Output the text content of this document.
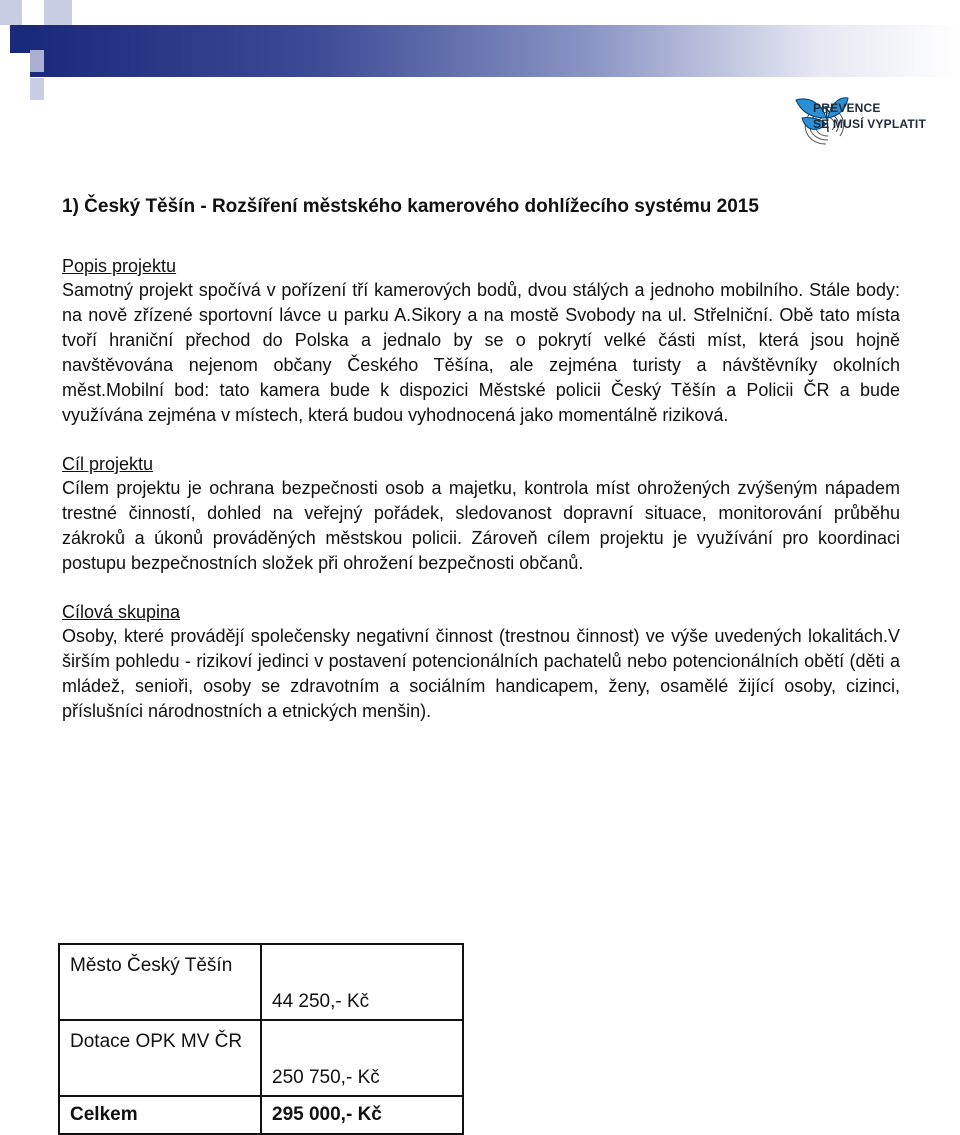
PREVENCE
SE MUSÍ VYPLATIT
1) Český Těšín - Rozšíření městského kamerového dohlížecího systému 2015
Popis projektu
Samotný projekt spočívá v pořízení tří kamerových bodů, dvou stálých a jednoho mobilního. Stále body: na nově zřízené sportovní lávce u parku A.Sikory a na mostě Svobody na ul. Střelniční. Obě tato místa tvoří hraniční přechod do Polska a jednalo by se o pokrytí velké části míst, která jsou hojně navštěvována nejenom občany Českého Těšína, ale zejména turisty a návštěvníky okolních měst.Mobilní bod: tato kamera bude k dispozici Městské policii Český Těšín a Policii ČR a bude využívána zejména v místech, která budou vyhodnocená jako momentálně riziková.
Cíl projektu
Cílem projektu je ochrana bezpečnosti osob a majetku, kontrola míst ohrožených zvýšeným nápadem trestné činností, dohled na veřejný pořádek, sledovanost dopravní situace, monitorování průběhu zákroků a úkonů prováděných městskou policii. Zároveň cílem projektu je využívání pro koordinaci postupu bezpečnostních složek při ohrožení bezpečnosti občanů.
Cílová skupina
Osoby, které provádějí společensky negativní činnost (trestnou činnost) ve výše uvedených lokalitách.V širším pohledu - rizikoví jedinci v postavení potencionálních pachatelů nebo potencionálních obětí (děti a mládež, senioři, osoby se zdravotním a sociálním handicapem, ženy, osamělé žijící osoby, cizinci, příslušníci národnostních a etnických menšin).
Město Český Těšín	44 250,- Kč
Dotace OPK MV ČR	250 750,- Kč
Celkem	295 000,- Kč
